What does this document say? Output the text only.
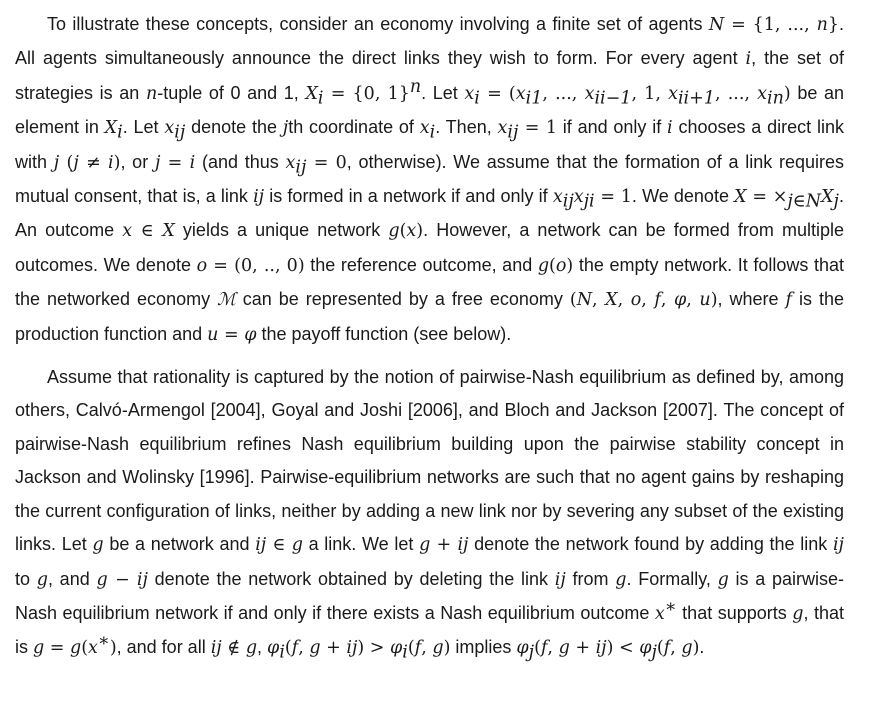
To illustrate these concepts, consider an economy involving a finite set of agents N = {1, ..., n}. All agents simultaneously announce the direct links they wish to form. For every agent i, the set of strategies is an n-tuple of 0 and 1, $X_i = \{0$, 1}$^n$. Let $x_i = (x_{i1}$, ..., $x_{ii-1}$, 1, $x_{ii+1}$, ..., $x_{in}$) be an element in $X_i$. Let $x_{ij}$ denote the jth coordinate of $x_i$. Then, $x_{ij} = 1$ if and only if i chooses a direct link with j (j ≠ i), or j = i (and thus $x_{ij} = 0$, otherwise). We assume that the formation of a link requires mutual consent, that is, a link ij is formed in a network if and only if $x_{ij}x_{ji} = 1$. We denote $X = \times_{j\in N}X_j$. An outcome x ∈ X yields a unique network g(x). However, a network can be formed from multiple outcomes. We denote o = (0, .., 0) the reference outcome, and g(o) the empty network. It follows that the networked economy ℳ can be represented by a free economy (N, X, o, f, φ, u), where f is the production function and u = φ the payoff function (see below).

Assume that rationality is captured by the notion of pairwise-Nash equilibrium as defined by, among others, Calvó-Armengol [2004], Goyal and Joshi [2006], and Bloch and Jackson [2007]. The concept of pairwise-Nash equilibrium refines Nash equilibrium building upon the pairwise stability concept in Jackson and Wolinsky [1996]. Pairwise-equilibrium networks are such that no agent gains by reshaping the current configuration of links, neither by adding a new link nor by severing any subset of the existing links. Let g be a network and ij ∈ g a link. We let g + ij denote the network found by adding the link ij to g, and g − ij denote the network obtained by deleting the link ij from g. Formally, g is a pairwise-Nash equilibrium network if and only if there exists a Nash equilibrium outcome x∗ that supports g, that is g = g(x∗), and for all ij ∉ g, $\varphi_i(f$, $g + ij) > \varphi_i(f$, g) implies $\varphi_j(f$, $g + ij) < \varphi_j(f$, g).
